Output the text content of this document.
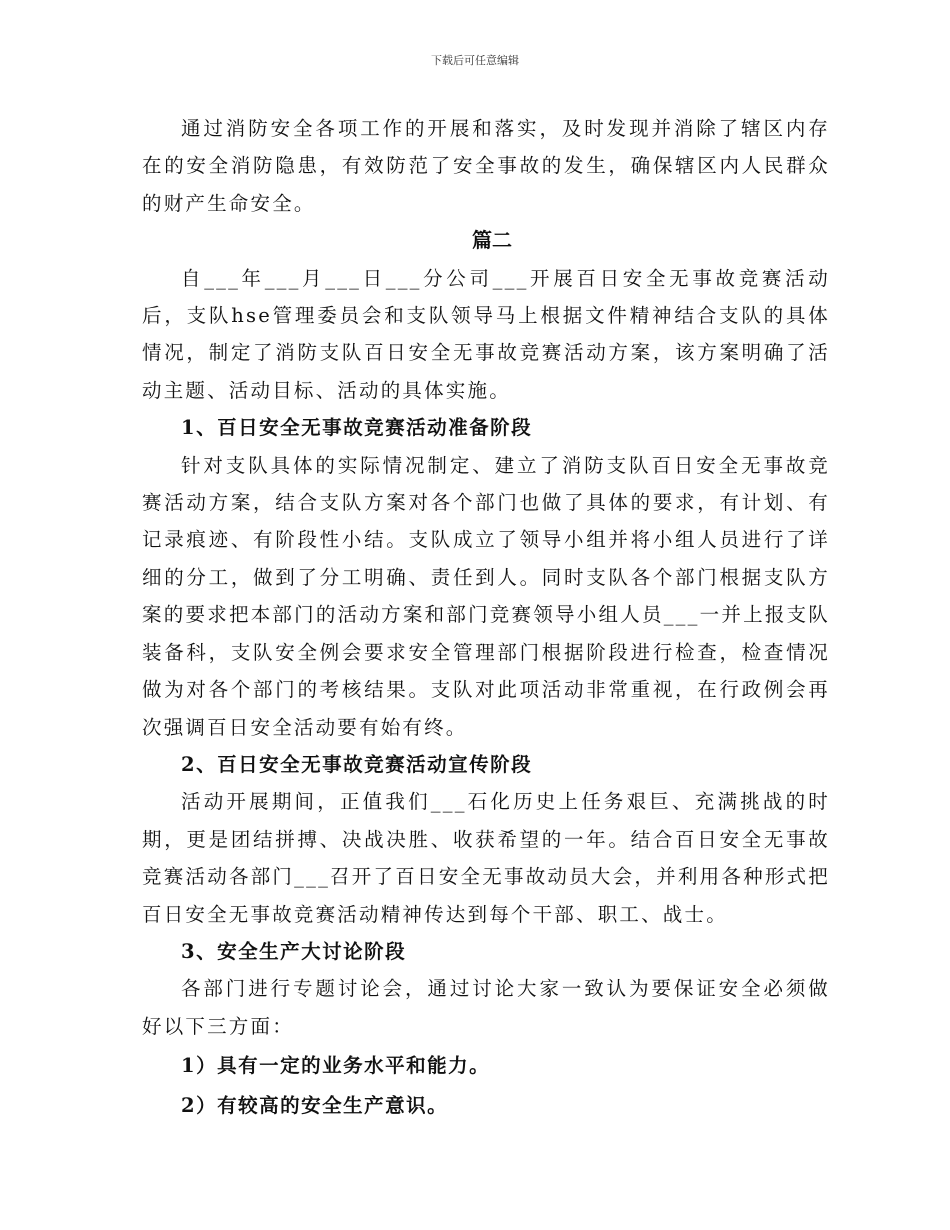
下载后可任意编辑

通过消防安全各项工作的开展和落实，及时发现并消除了辖区内存在的安全消防隐患，有效防范了安全事故的发生，确保辖区内人民群众的财产生命安全。

篇二

自___年___月___日___分公司___开展百日安全无事故竞赛活动后，支队hse管理委员会和支队领导马上根据文件精神结合支队的具体情况，制定了消防支队百日安全无事故竞赛活动方案，该方案明确了活动主题、活动目标、活动的具体实施。

1、百日安全无事故竞赛活动准备阶段

针对支队具体的实际情况制定、建立了消防支队百日安全无事故竞赛活动方案，结合支队方案对各个部门也做了具体的要求，有计划、有记录痕迹、有阶段性小结。支队成立了领导小组并将小组人员进行了详细的分工，做到了分工明确、责任到人。同时支队各个部门根据支队方案的要求把本部门的活动方案和部门竞赛领导小组人员___一并上报支队装备科，支队安全例会要求安全管理部门根据阶段进行检查，检查情况做为对各个部门的考核结果。支队对此项活动非常重视，在行政例会再次强调百日安全活动要有始有终。

2、百日安全无事故竞赛活动宣传阶段

活动开展期间，正值我们___石化历史上任务艰巨、充满挑战的时期，更是团结拼搏、决战决胜、收获希望的一年。结合百日安全无事故竞赛活动各部门___召开了百日安全无事故动员大会，并利用各种形式把百日安全无事故竞赛活动精神传达到每个干部、职工、战士。

3、安全生产大讨论阶段

各部门进行专题讨论会，通过讨论大家一致认为要保证安全必须做好以下三方面：

1）具有一定的业务水平和能力。

2）有较高的安全生产意识。
